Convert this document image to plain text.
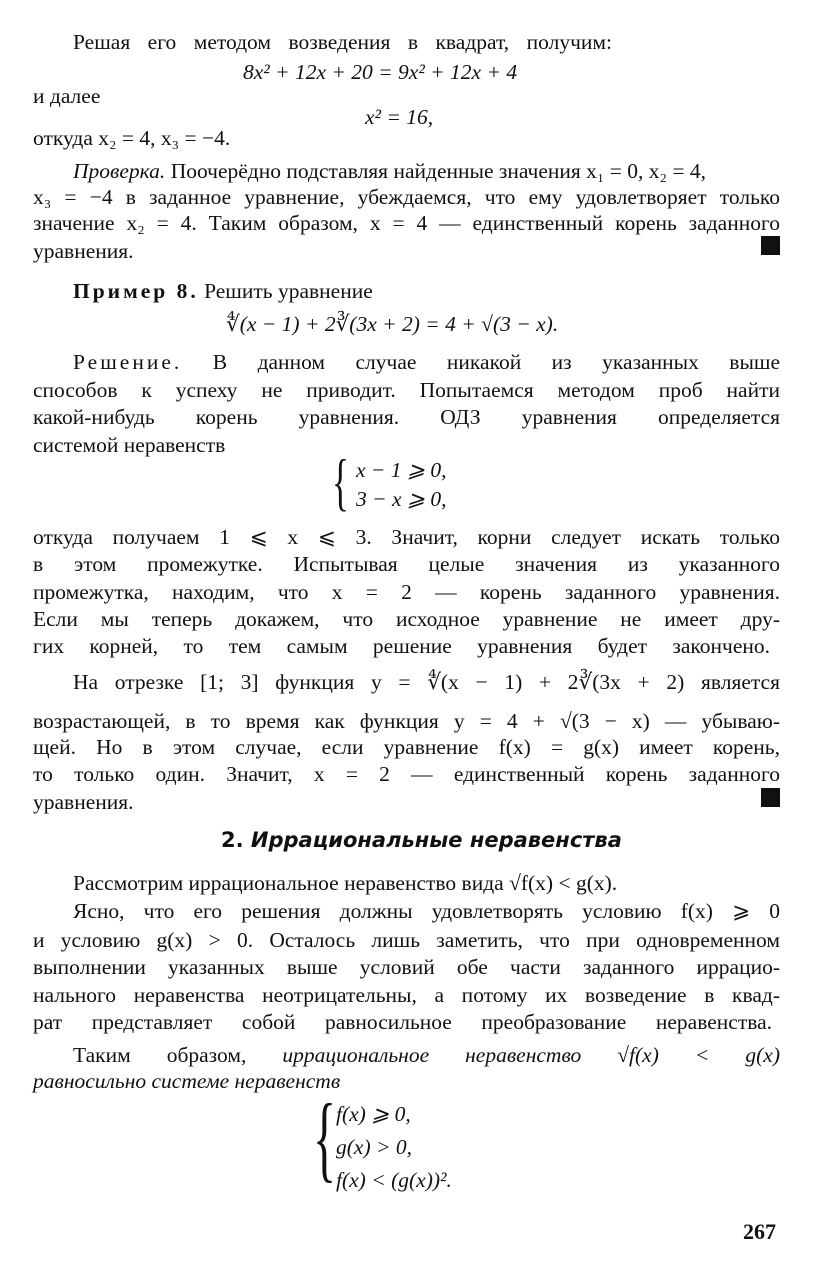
Решая его методом возведения в квадрат, получим:
8x² + 12x + 20 = 9x² + 12x + 4
и далее
x² = 16,
откуда x₂ = 4, x₃ = −4.
Проверка. Поочерёдно подставляя найденные значения x₁ = 0, x₂ = 4,
x₃ = −4 в заданное уравнение, убеждаемся, что ему удовлетворяет только
значение x₂ = 4. Таким образом, x = 4 — единственный корень заданного
уравнения.
Пример 8. Решить уравнение
∜(x − 1) + 2∛(3x + 2) = 4 + √(3 − x).
Решение. В данном случае никакой из указанных выше
способов к успеху не приводит. Попытаемся методом проб найти
какой-нибудь корень уравнения. ОДЗ уравнения определяется
системой неравенств
{ x − 1 ⩾ 0,
3 − x ⩾ 0,
откуда получаем 1 ⩽ x ⩽ 3. Значит, корни следует искать только
в этом промежутке. Испытывая целые значения из указанного
промежутка, находим, что x = 2 — корень заданного уравнения.
Если мы теперь докажем, что исходное уравнение не имеет дру-
гих корней, то тем самым решение уравнения будет закончено.
На отрезке [1; 3] функция y = ∜(x − 1) + 2∛(3x + 2) является
возрастающей, в то время как функция y = 4 + √(3 − x) — убываю-
щей. Но в этом случае, если уравнение f(x) = g(x) имеет корень,
то только один. Значит, x = 2 — единственный корень заданного
уравнения.
2. Иррациональные неравенства
Рассмотрим иррациональное неравенство вида √f(x) < g(x).
Ясно, что его решения должны удовлетворять условию f(x) ⩾ 0
и условию g(x) > 0. Осталось лишь заметить, что при одновременном
выполнении указанных выше условий обе части заданного иррацио-
нального неравенства неотрицательны, а потому их возведение в квад-
рат представляет собой равносильное преобразование неравенства.
Таким образом, иррациональное неравенство √f(x) < g(x)
равносильно системе неравенств
{ f(x) ⩾ 0,
g(x) > 0,
f(x) < (g(x))².
267
